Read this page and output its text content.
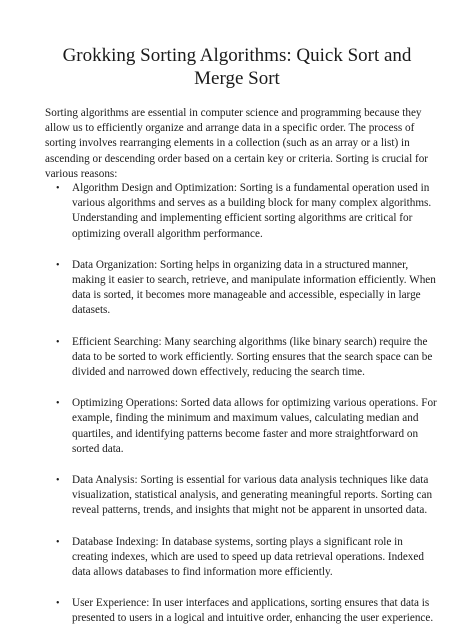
Grokking Sorting Algorithms: Quick Sort and Merge Sort

Sorting algorithms are essential in computer science and programming because they allow us to efficiently organize and arrange data in a specific order. The process of sorting involves rearranging elements in a collection (such as an array or a list) in ascending or descending order based on a certain key or criteria. Sorting is crucial for various reasons:

• Algorithm Design and Optimization: Sorting is a fundamental operation used in various algorithms and serves as a building block for many complex algorithms. Understanding and implementing efficient sorting algorithms are critical for optimizing overall algorithm performance.
• Data Organization: Sorting helps in organizing data in a structured manner, making it easier to search, retrieve, and manipulate information efficiently. When data is sorted, it becomes more manageable and accessible, especially in large datasets.
• Efficient Searching: Many searching algorithms (like binary search) require the data to be sorted to work efficiently. Sorting ensures that the search space can be divided and narrowed down effectively, reducing the search time.
• Optimizing Operations: Sorted data allows for optimizing various operations. For example, finding the minimum and maximum values, calculating median and quartiles, and identifying patterns become faster and more straightforward on sorted data.
• Data Analysis: Sorting is essential for various data analysis techniques like data visualization, statistical analysis, and generating meaningful reports. Sorting can reveal patterns, trends, and insights that might not be apparent in unsorted data.
• Database Indexing: In database systems, sorting plays a significant role in creating indexes, which are used to speed up data retrieval operations. Indexed data allows databases to find information more efficiently.
• User Experience: In user interfaces and applications, sorting ensures that data is presented to users in a logical and intuitive order, enhancing the user experience.
